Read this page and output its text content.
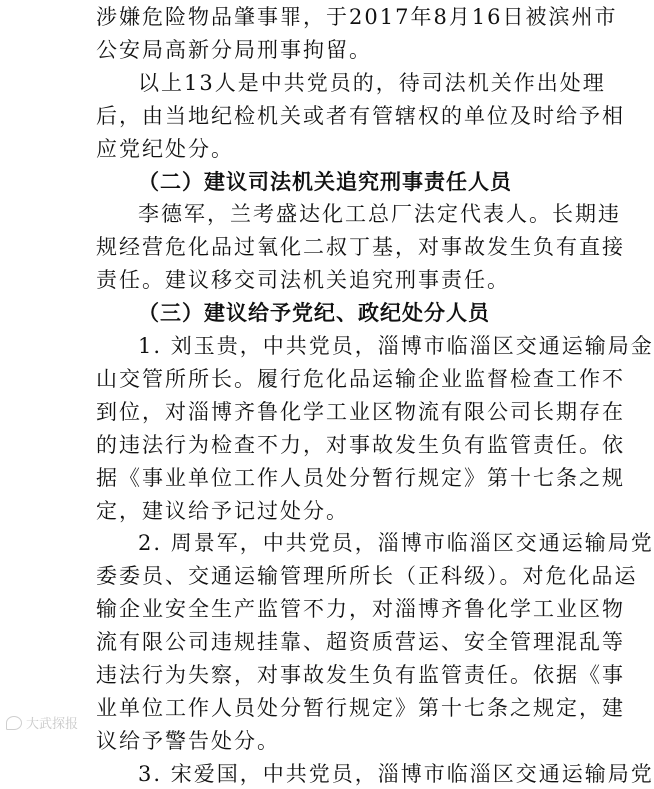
涉嫌危险物品肇事罪，于2017年8月16日被滨州市
公安局高新分局刑事拘留。
以上13人是中共党员的，待司法机关作出处理
后，由当地纪检机关或者有管辖权的单位及时给予相
应党纪处分。
（二）建议司法机关追究刑事责任人员
李德军，兰考盛达化工总厂法定代表人。长期违
规经营危化品过氧化二叔丁基，对事故发生负有直接
责任。建议移交司法机关追究刑事责任。
（三）建议给予党纪、政纪处分人员
1. 刘玉贵，中共党员，淄博市临淄区交通运输局金
山交管所所长。履行危化品运输企业监督检查工作不
到位，对淄博齐鲁化学工业区物流有限公司长期存在
的违法行为检查不力，对事故发生负有监管责任。依
据《事业单位工作人员处分暂行规定》第十七条之规
定，建议给予记过处分。
2. 周景军，中共党员，淄博市临淄区交通运输局党
委委员、交通运输管理所所长（正科级）。对危化品运
输企业安全生产监管不力，对淄博齐鲁化学工业区物
流有限公司违规挂靠、超资质营运、安全管理混乱等
违法行为失察，对事故发生负有监管责任。依据《事
业单位工作人员处分暂行规定》第十七条之规定，建
议给予警告处分。
3. 宋爱国，中共党员，淄博市临淄区交通运输局党
大武探报
